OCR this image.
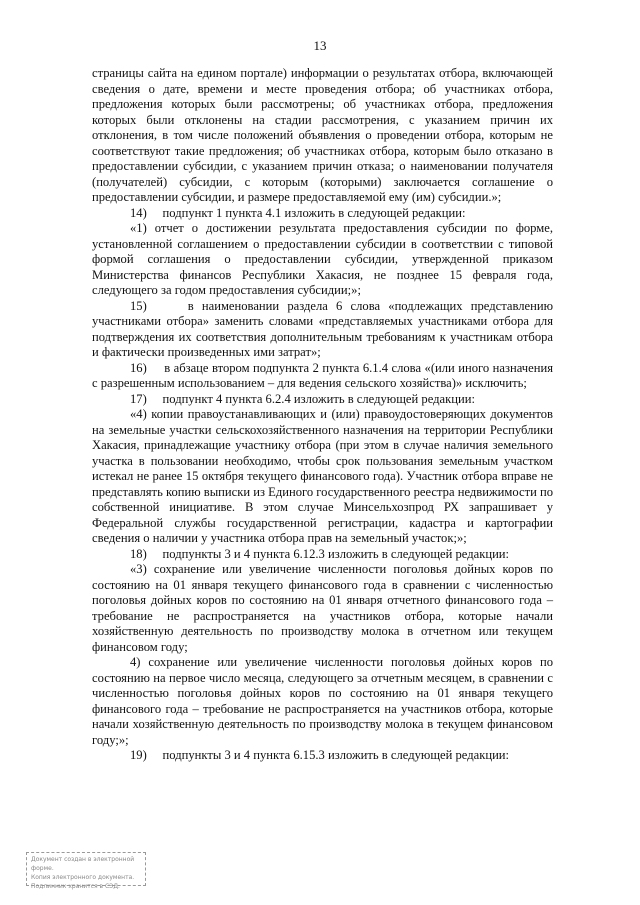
13

страницы сайта на едином портале) информации о результатах отбора, включающей сведения о дате, времени и месте проведения отбора; об участниках отбора, предложения которых были рассмотрены; об участниках отбора, предложения которых были отклонены на стадии рассмотрения, с указанием причин их отклонения, в том числе положений объявления о проведении отбора, которым не соответствуют такие предложения; об участниках отбора, которым было отказано в предоставлении субсидии, с указанием причин отказа; о наименовании получателя (получателей) субсидии, с которым (которыми) заключается соглашение о предоставлении субсидии, и размере предоставляемой ему (им) субсидии.»;

14)     подпункт 1 пункта 4.1 изложить в следующей редакции:

«1) отчет о достижении результата предоставления субсидии по форме, установленной соглашением о предоставлении субсидии в соответствии с типовой формой соглашения о предоставлении субсидии, утвержденной приказом Министерства финансов Республики Хакасия, не позднее 15 февраля года, следующего за годом предоставления субсидии;»;

15)     в наименовании раздела 6 слова «подлежащих представлению участниками отбора» заменить словами «представляемых участниками отбора для подтверждения их соответствия дополнительным требованиям к участникам отбора и фактически произведенных ими затрат»;

16)     в абзаце втором подпункта 2 пункта 6.1.4 слова «(или иного назначения с разрешенным использованием – для ведения сельского хозяйства)» исключить;

17)     подпункт 4 пункта 6.2.4 изложить в следующей редакции:

«4) копии правоустанавливающих и (или) правоудостоверяющих документов на земельные участки сельскохозяйственного назначения на территории Республики Хакасия, принадлежащие участнику отбора (при этом в случае наличия земельного участка в пользовании необходимо, чтобы срок пользования земельным участком истекал не ранее 15 октября текущего финансового года). Участник отбора вправе не представлять копию выписки из Единого государственного реестра недвижимости по собственной инициативе. В этом случае Минсельхозпрод РХ запрашивает у Федеральной службы государственной регистрации, кадастра и картографии сведения о наличии у участника отбора прав на земельный участок;»;

18)     подпункты 3 и 4 пункта 6.12.3 изложить в следующей редакции:

«3) сохранение или увеличение численности поголовья дойных коров по состоянию на 01 января текущего финансового года в сравнении с численностью поголовья дойных коров по состоянию на 01 января отчетного финансового года – требование не распространяется на участников отбора, которые начали хозяйственную деятельность по производству молока в отчетном или текущем финансовом году;

4) сохранение или увеличение численности поголовья дойных коров по состоянию на первое число месяца, следующего за отчетным месяцем, в сравнении с численностью поголовья дойных коров по состоянию на 01 января текущего финансового года – требование не распространяется на участников отбора, которые начали хозяйственную деятельность по производству молока в текущем финансовом году;»;

19)     подпункты 3 и 4 пункта 6.15.3 изложить в следующей редакции:

Документ создан в электронной форме.
Копия электронного документа.
Подлинник хранится в СЭД.
